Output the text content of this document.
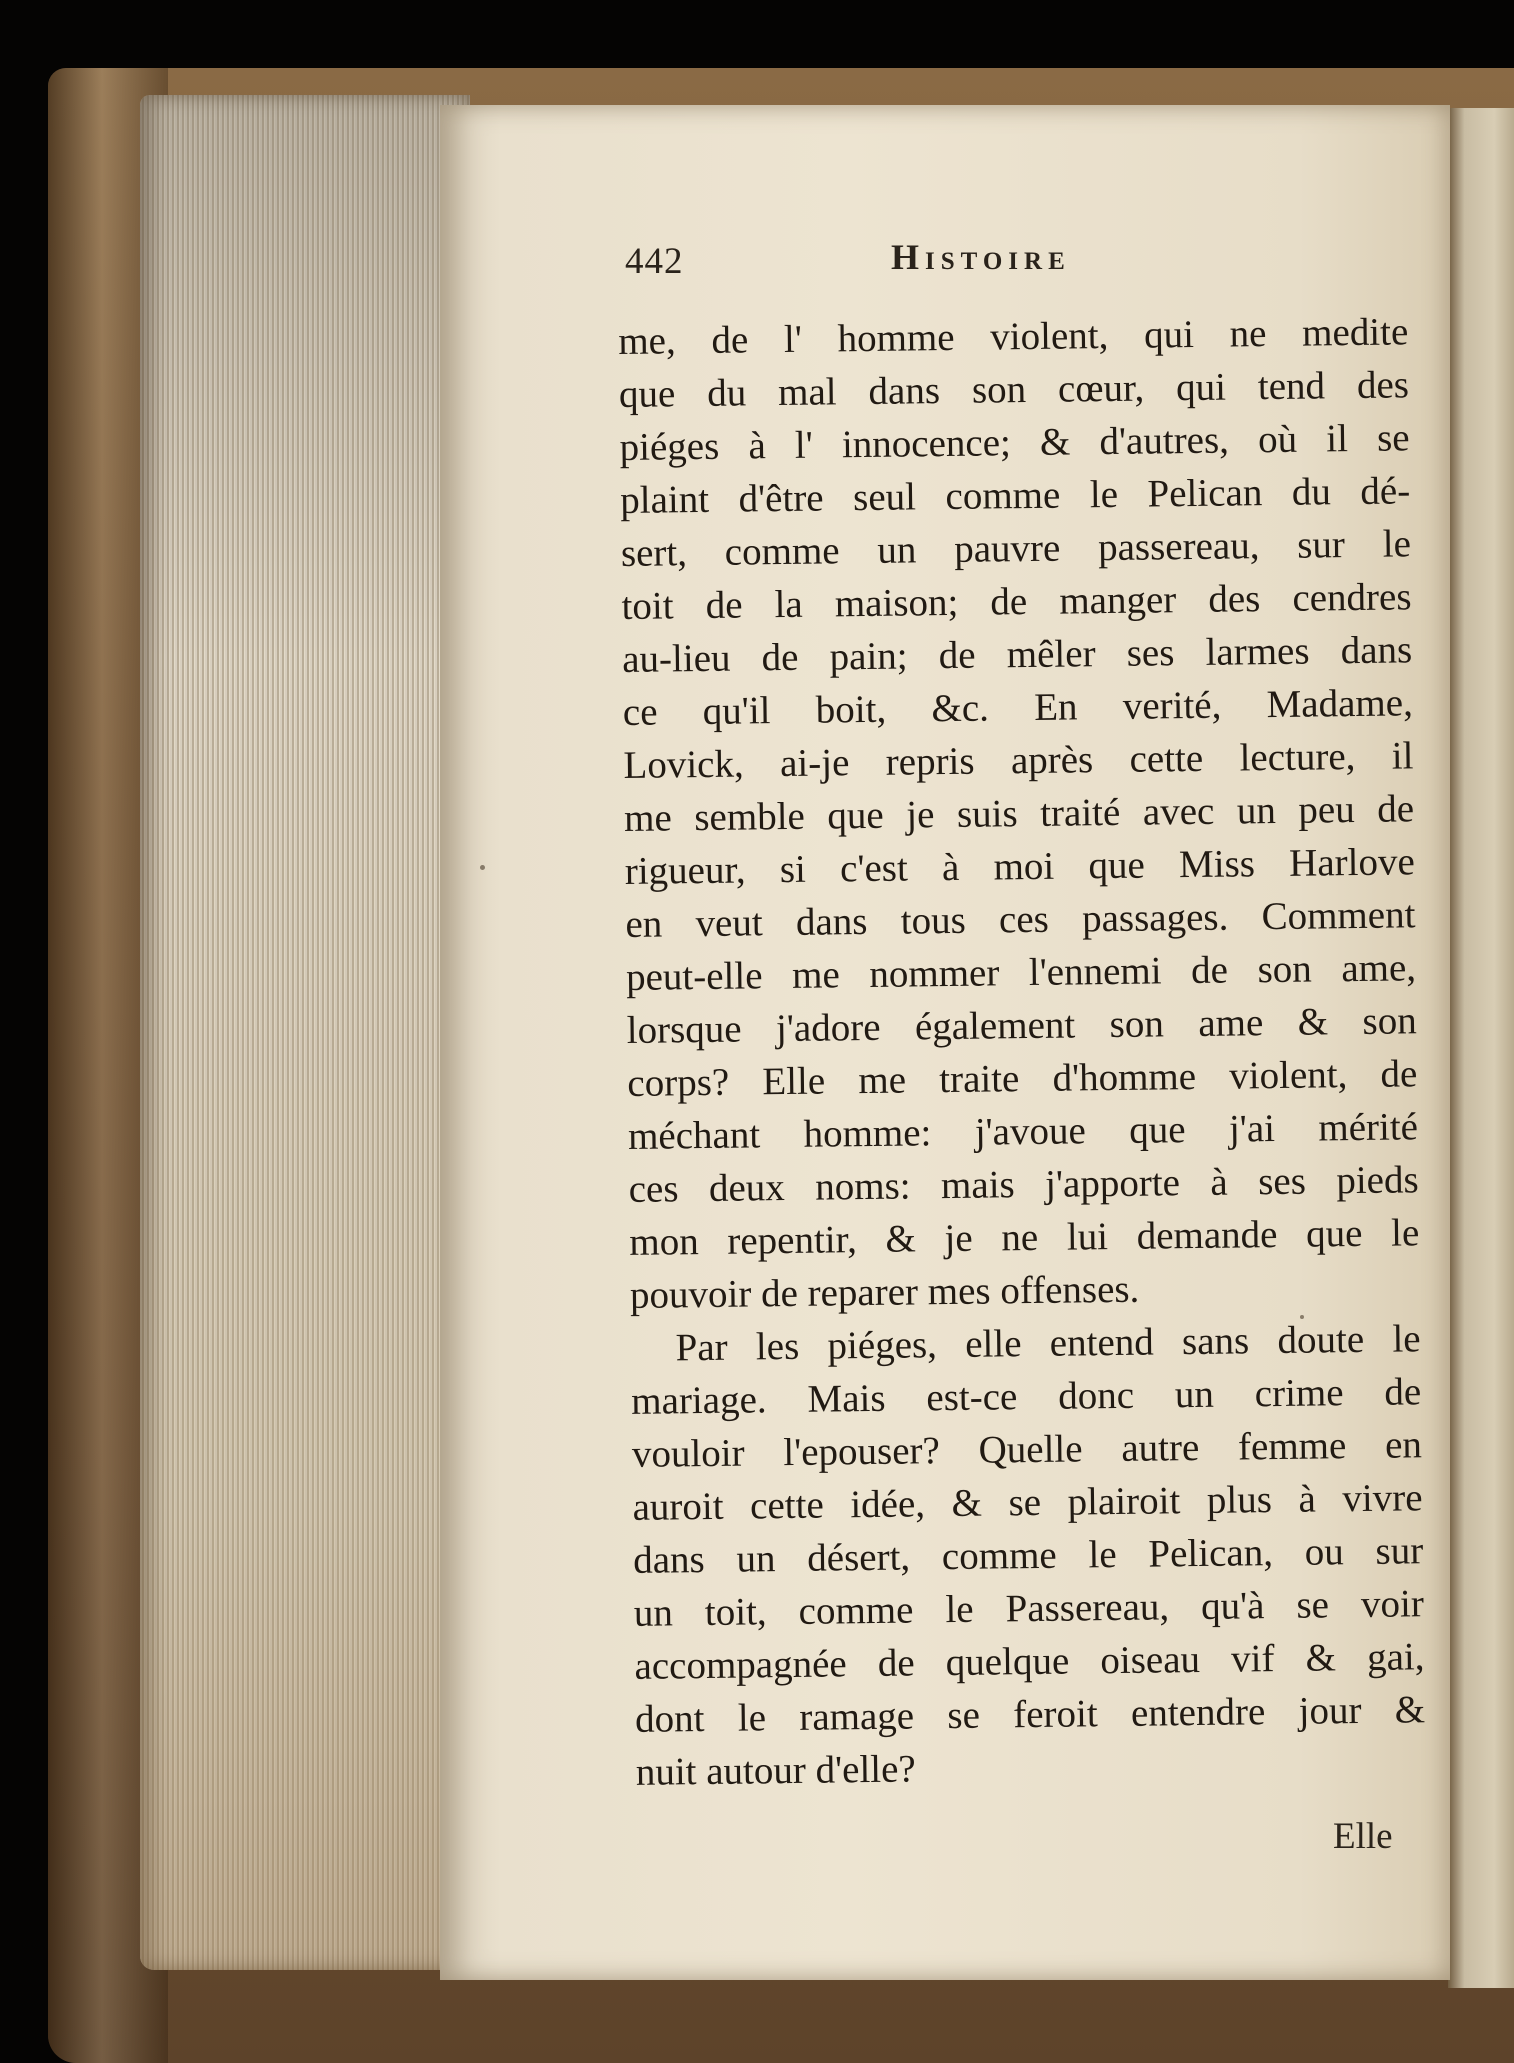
442	Histoire
me, de l' homme violent, qui ne medite
que du mal dans son cœur, qui tend des
piéges à l' innocence; & d'autres, où il se
plaint d'être seul comme le Pelican du dé-
sert, comme un pauvre passereau, sur le
toit de la maison; de manger des cendres
au-lieu de pain; de mêler ses larmes dans
ce qu'il boit, &c. En verité, Madame,
Lovick, ai-je repris après cette lecture, il
me semble que je suis traité avec un peu de
rigueur, si c'est à moi que Miss Harlove
en veut dans tous ces passages. Comment
peut-elle me nommer l'ennemi de son ame,
lorsque j'adore également son ame & son
corps? Elle me traite d'homme violent, de
méchant homme: j'avoue que j'ai mérité
ces deux noms: mais j'apporte à ses pieds
mon repentir, & je ne lui demande que le
pouvoir de reparer mes offenses.
Par les piéges, elle entend sans doute le
mariage. Mais est-ce donc un crime de
vouloir l'epouser? Quelle autre femme en
auroit cette idée, & se plairoit plus à vivre
dans un désert, comme le Pelican, ou sur
un toit, comme le Passereau, qu'à se voir
accompagnée de quelque oiseau vif & gai,
dont le ramage se feroit entendre jour &
nuit autour d'elle?
Elle
